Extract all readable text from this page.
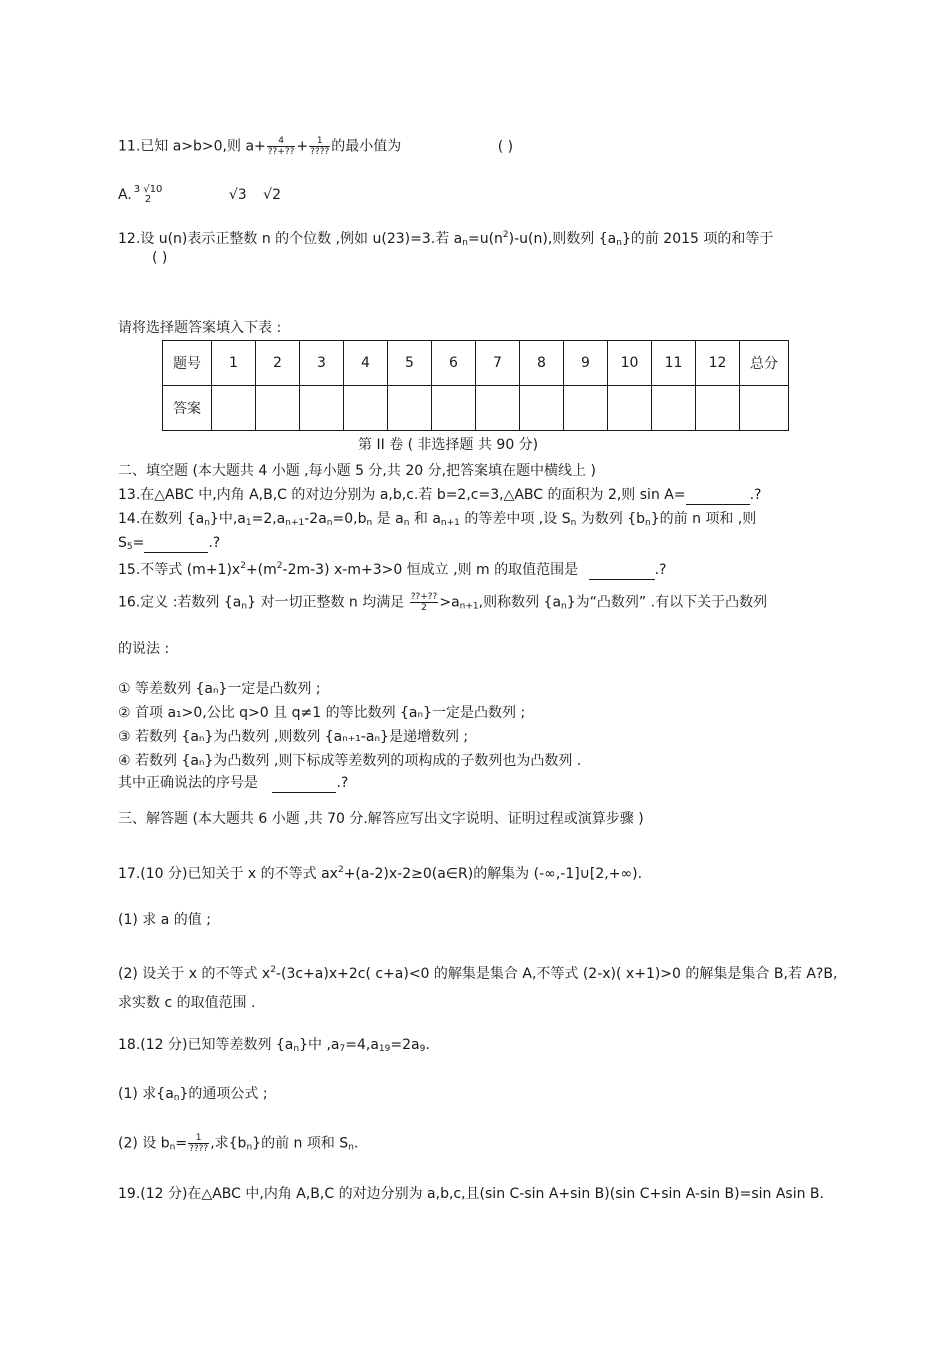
11.已知 a>b>0,则 $a+ \frac{4}{??+??} + \frac{1}{????}$ 的最小值为	( )
A. 3 √10
2	√3 √2
12.设 u(n)表示正整数 n 的个位数 ,例如 u(23)=3.若 $a_n=u(n^2)-u(n)$,则数列 $\{a_n\}$的前 2015 项的和等于
( )
请将选择题答案填入下表 :
题号	1	2	3	4	5	6	7	8	9	10	11	12	总分
答案													
第 II 卷 ( 非选择题 共 90 分)
二、填空题 (本大题共 4 小题 ,每小题 5 分,共 20 分,把答案填在题中横线上 )
13.在△ABC 中,内角 A,B,C 的对边分别为 a,b,c.若 b=2,c=3,△ABC 的面积为 2,则 sin A=	.?
14.在数列 $\{a_n\}$中$,a_1=2,a_{n+1}-2a_n=0,b_n$ 是 $a_n$ 和 $a_{n+1}$ 的等差中项 ,设 $S_n$ 为数列 $\{b_n\}$的前 n 项和 ,则
$S_5=$	.?
15.不等式 $(m+1)x^2+(m^2-2m-3)$ x-m+3>0 恒成立 ,则 m 的取值范围是	.?
16.定义 :若数列 $\{a_n\}$ 对一切正整数 n 均满足 $\frac{??+??}{2} >a_{n+1}$,则称数列 $\{a_n\}$为“凸数列” .有以下关于凸数列
的说法 :
① 等差数列 {aₙ}一定是凸数列 ;
② 首项 a₁>0,公比 q>0 且 q≠1 的等比数列 {aₙ}一定是凸数列 ;
③ 若数列 {aₙ}为凸数列 ,则数列 {aₙ₊₁-aₙ}是递增数列 ;
④ 若数列 {aₙ}为凸数列 ,则下标成等差数列的项构成的子数列也为凸数列 .
其中正确说法的序号是	.?
三、解答题 (本大题共 6 小题 ,共 70 分.解答应写出文字说明、证明过程或演算步骤 )
17.(10 分)已知关于 x 的不等式 $ax^2+(a-2)x-2\ge 0(a\in R)$的解集为 (-∞,-1]∪[2,+∞).
(1) 求 a 的值 ;
(2) 设关于 x 的不等式 $x^2-(3c+a)x+2c$( c+a)<0 的解集是集合 A,不等式 (2-x)( x+1)>0 的解集是集合 B,若 A?B,
求实数 c 的取值范围 .
18.(12 分)已知等差数列 $\{a_n\}$中 $,a_7=4,a_{19}=2a_9$.
(1) 求$\{a_n\}$的通项公式 ;
(2) 设 $b_n= \frac{1}{????}$ ,求$\{b_n\}$的前 n 项和 $S_n$.
19.(12 分)在△ABC 中,内角 A,B,C 的对边分别为 a,b,c,且(sin C-sin A+sin B)(sin C+sin A-sin B)=sin Asin B.
